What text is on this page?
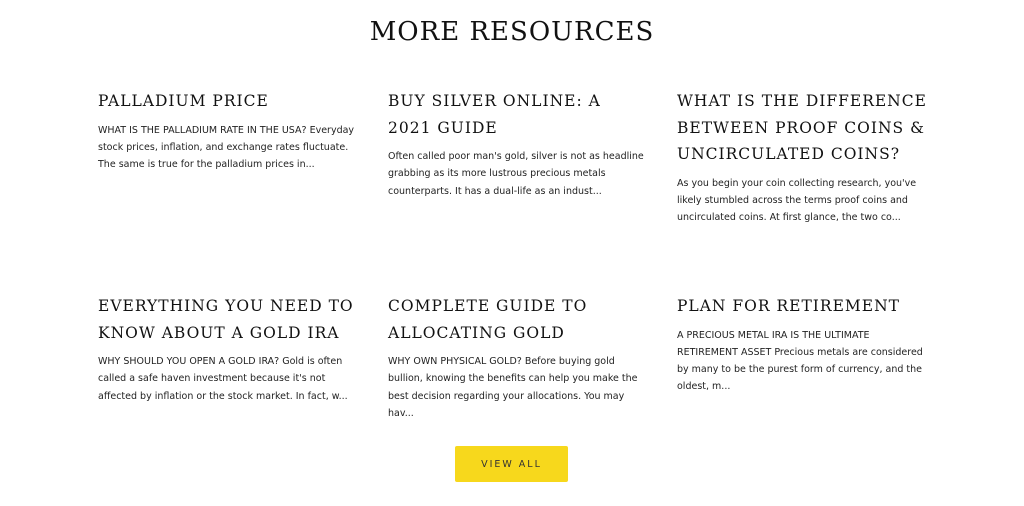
MORE RESOURCES
PALLADIUM PRICE

WHAT IS THE PALLADIUM RATE IN THE USA? Everyday stock prices, inflation, and exchange rates fluctuate. The same is true for the palladium prices in...

BUY SILVER ONLINE: A 2021 GUIDE

Often called poor man's gold, silver is not as headline grabbing as its more lustrous precious metals counterparts. It has a dual-life as an indust...

WHAT IS THE DIFFERENCE BETWEEN PROOF COINS & UNCIRCULATED COINS?

As you begin your coin collecting research, you've likely stumbled across the terms proof coins and uncirculated coins. At first glance, the two co...

EVERYTHING YOU NEED TO KNOW ABOUT A GOLD IRA

WHY SHOULD YOU OPEN A GOLD IRA? Gold is often called a safe haven investment because it's not affected by inflation or the stock market. In fact, w...

COMPLETE GUIDE TO ALLOCATING GOLD

WHY OWN PHYSICAL GOLD? Before buying gold bullion, knowing the benefits can help you make the best decision regarding your allocations. You may hav...

PLAN FOR RETIREMENT

A PRECIOUS METAL IRA IS THE ULTIMATE RETIREMENT ASSET Precious metals are considered by many to be the purest form of currency, and the oldest, m...

VIEW ALL
